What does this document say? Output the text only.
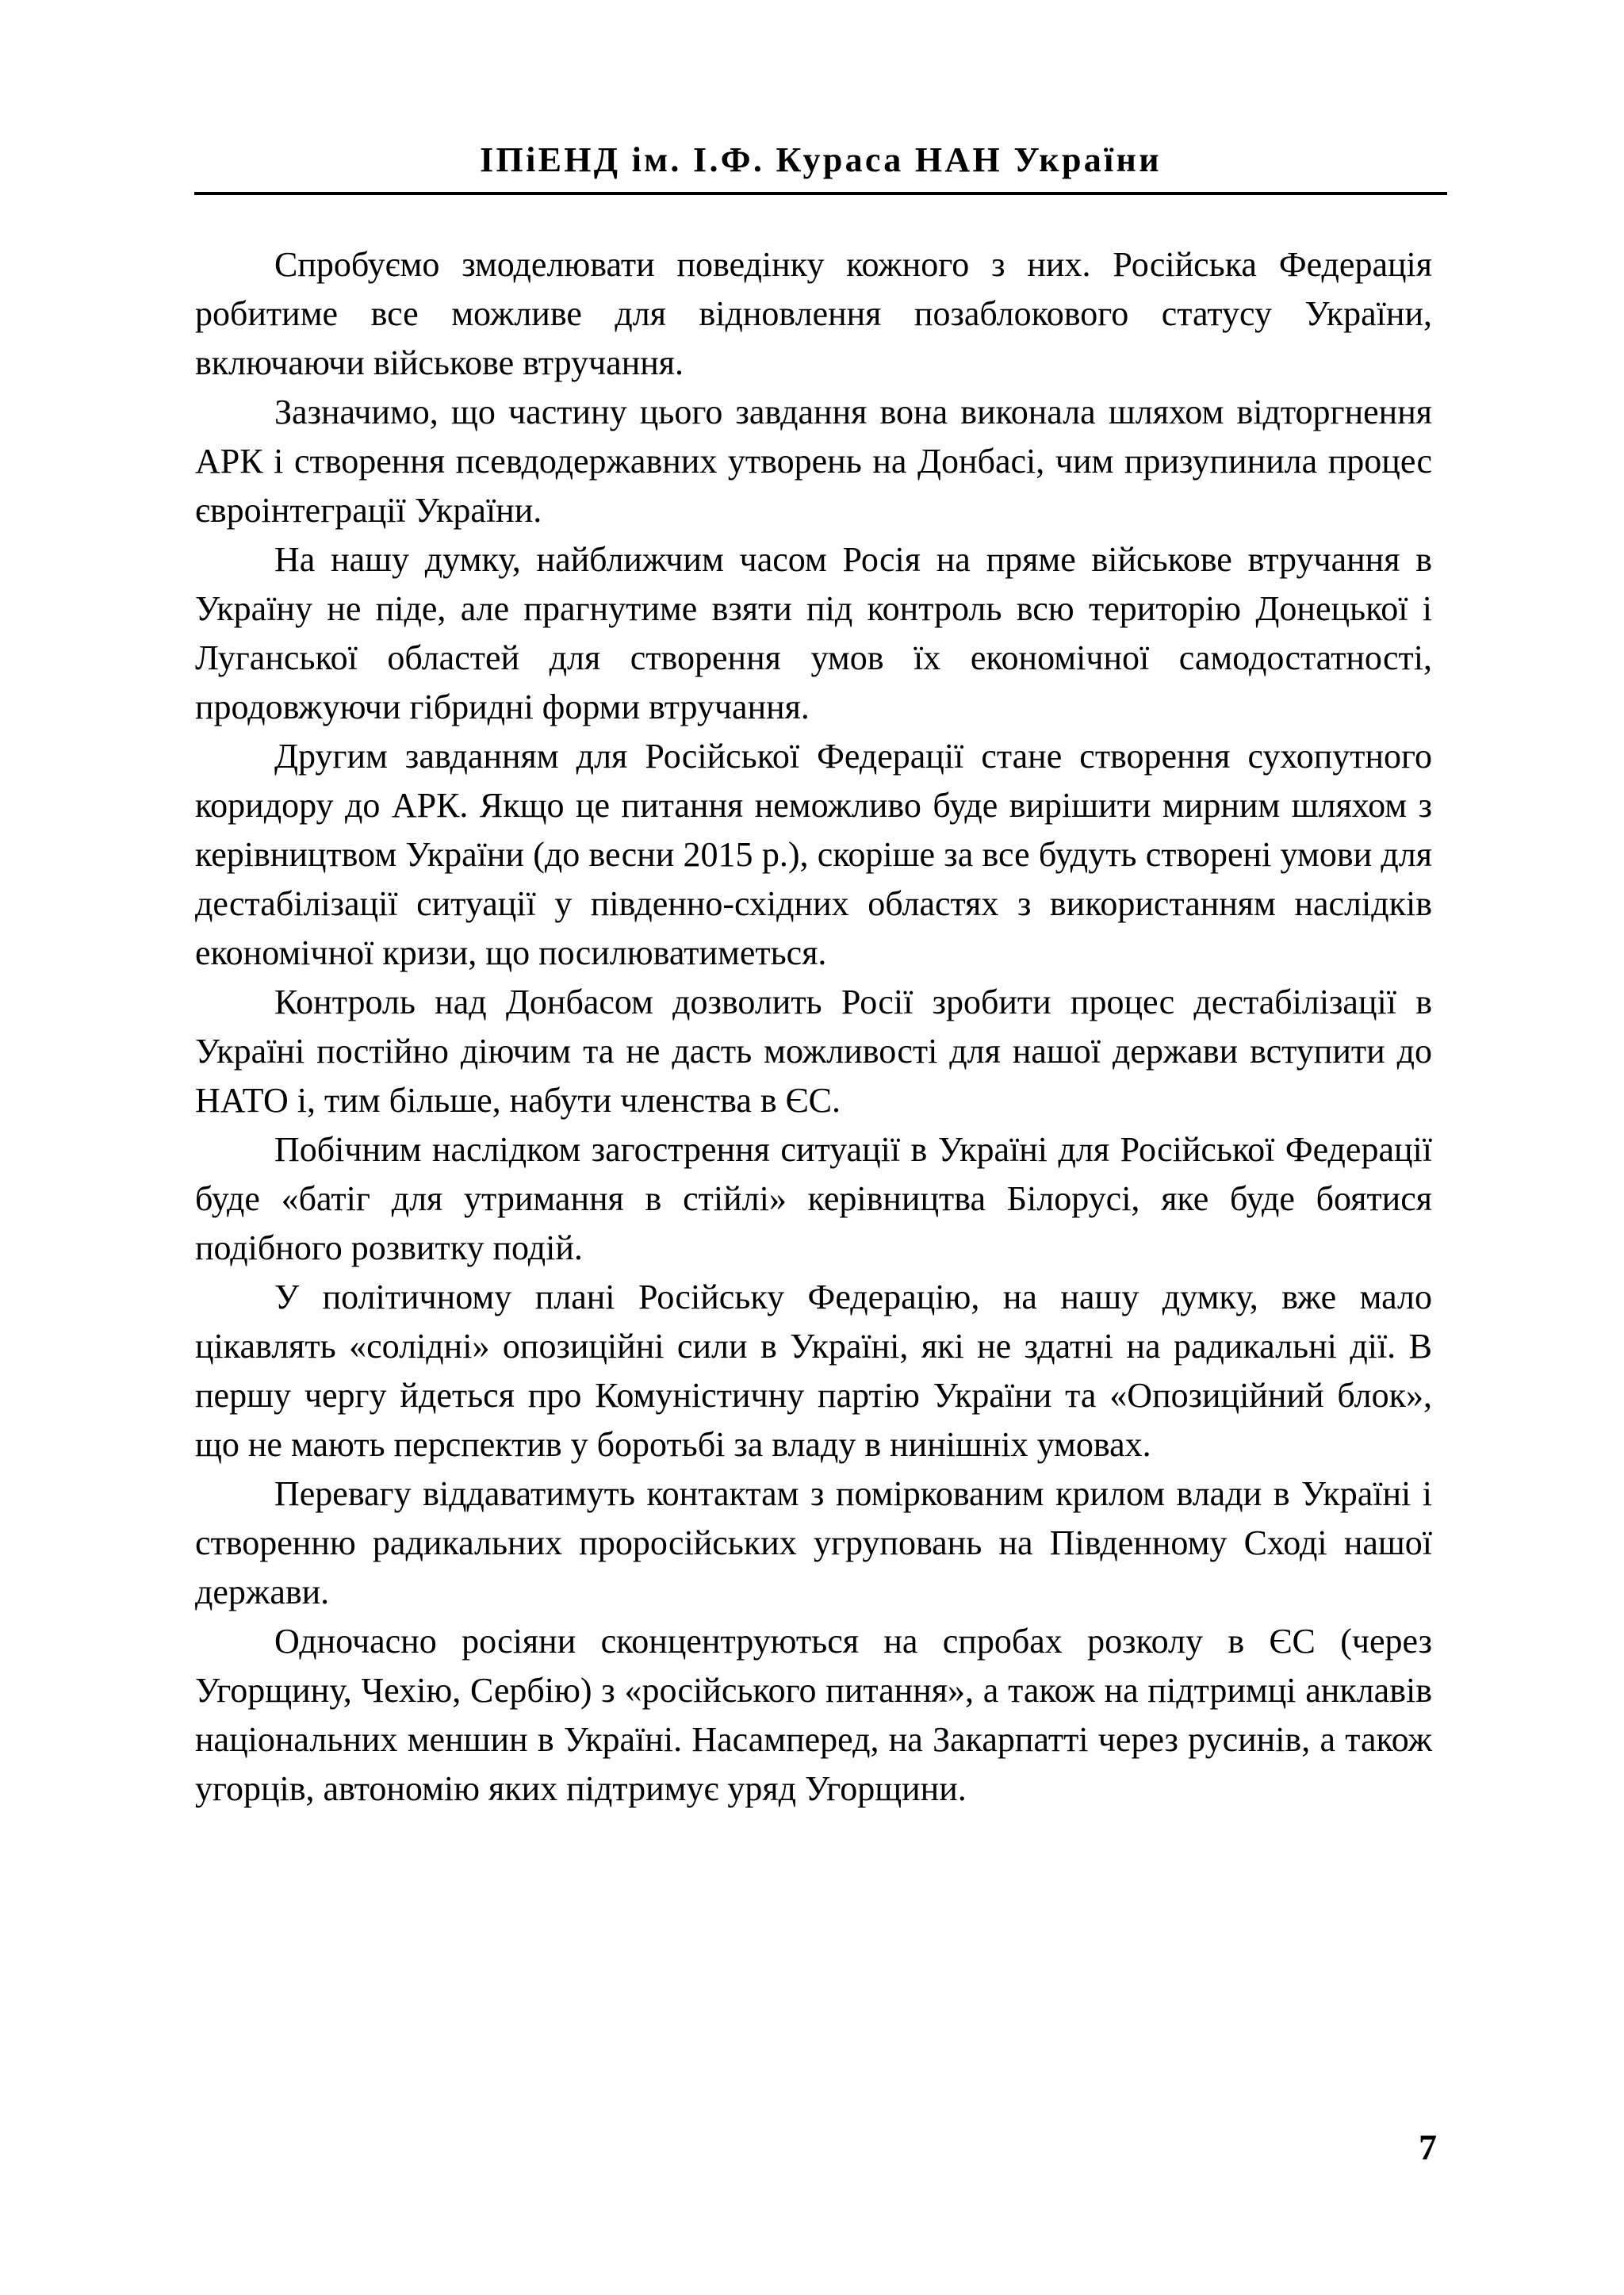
ІПіЕНД ім. І.Ф. Кураса НАН України

Спробуємо змоделювати поведінку кожного з них. Російська Федерація робитиме все можливе для відновлення позаблокового статусу України, включаючи військове втручання.

Зазначимо, що частину цього завдання вона виконала шляхом відторгнення АРК і створення псевдодержавних утворень на Донбасі, чим призупинила процес євроінтеграції України.

На нашу думку, найближчим часом Росія на пряме військове втручання в Україну не піде, але прагнутиме взяти під контроль всю територію Донецької і Луганської областей для створення умов їх економічної самодостатності, продовжуючи гібридні форми втручання.

Другим завданням для Російської Федерації стане створення сухопутного коридору до АРК. Якщо це питання неможливо буде вирішити мирним шляхом з керівництвом України (до весни 2015 р.), скоріше за все будуть створені умови для дестабілізації ситуації у південно-східних областях з використанням наслідків економічної кризи, що посилюватиметься.

Контроль над Донбасом дозволить Росії зробити процес дестабілізації в Україні постійно діючим та не дасть можливості для нашої держави вступити до НАТО і, тим більше, набути членства в ЄС.

Побічним наслідком загострення ситуації в Україні для Російської Федерації буде «батіг для утримання в стійлі» керівництва Білорусі, яке буде боятися подібного розвитку подій.

У політичному плані Російську Федерацію, на нашу думку, вже мало цікавлять «солідні» опозиційні сили в Україні, які не здатні на радикальні дії. В першу чергу йдеться про Комуністичну партію України та «Опозиційний блок», що не мають перспектив у боротьбі за владу в нинішніх умовах.

Перевагу віддаватимуть контактам з поміркованим крилом влади в Україні і створенню радикальних проросійських угруповань на Південному Сході нашої держави.

Одночасно росіяни сконцентруються на спробах розколу в ЄС (через Угорщину, Чехію, Сербію) з «російського питання», а також на підтримці анклавів національних меншин в Україні. Насамперед, на Закарпатті через русинів, а також угорців, автономію яких підтримує уряд Угорщини.

7
